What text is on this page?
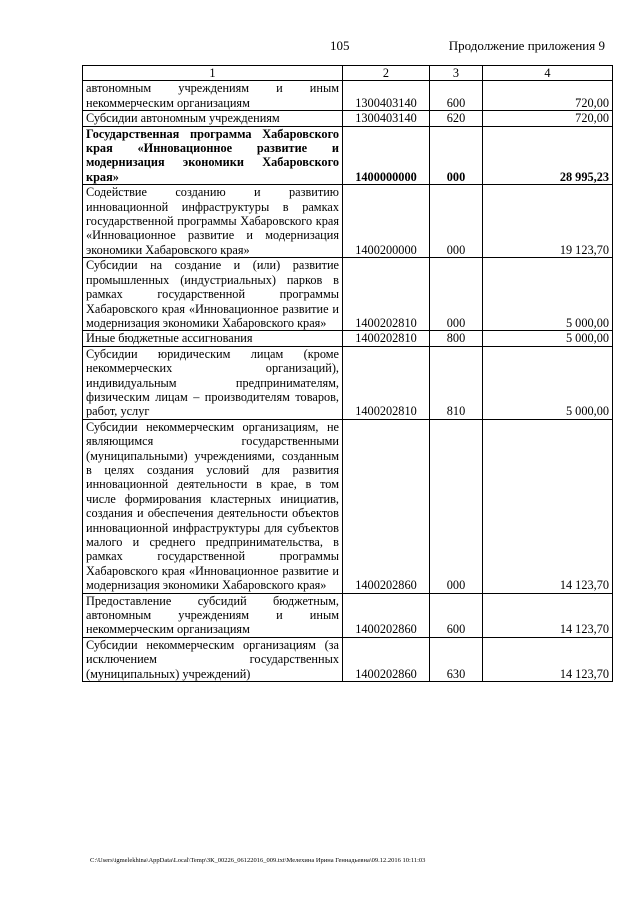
105	Продолжение приложения 9
1	2	3	4
автономным учреждениям и иным некоммерческим организациям	1300403140	600	720,00
Субсидии автономным учреждениям	1300403140	620	720,00
Государственная программа Хабаровского края «Инновационное развитие и модернизация экономики Хабаровского края»	1400000000	000	28 995,23
Содействие созданию и развитию инновационной инфраструктуры в рамках государственной программы Хабаровского края «Инновационное развитие и модернизация экономики Хабаровского края»	1400200000	000	19 123,70
Субсидии на создание и (или) развитие промышленных (индустриальных) парков в рамках государственной программы Хабаровского края «Инновационное развитие и модернизация экономики Хабаровского края»	1400202810	000	5 000,00
Иные бюджетные ассигнования	1400202810	800	5 000,00
Субсидии юридическим лицам (кроме некоммерческих организаций), индивидуальным предпринимателям, физическим лицам – производителям товаров, работ, услуг	1400202810	810	5 000,00
Субсидии некоммерческим организациям, не являющимся государственными (муниципальными) учреждениями, созданным в целях создания условий для развития инновационной деятельности в крае, в том числе формирования кластерных инициатив, создания и обеспечения деятельности объектов инновационной инфраструктуры для субъектов малого и среднего предпринимательства, в рамках государственной программы Хабаровского края «Инновационное развитие и модернизация экономики Хабаровского края»	1400202860	000	14 123,70
Предоставление субсидий бюджетным, автономным учреждениям и иным некоммерческим организациям	1400202860	600	14 123,70
Субсидии некоммерческим организациям (за исключением государственных (муниципальных) учреждений)	1400202860	630	14 123,70
C:\Users\igmelekhina\AppData\Local\Temp\ЗК_00226_06122016_009.txt\Мелехина Ирина Геннадьевна\09.12.2016 10:11:03
